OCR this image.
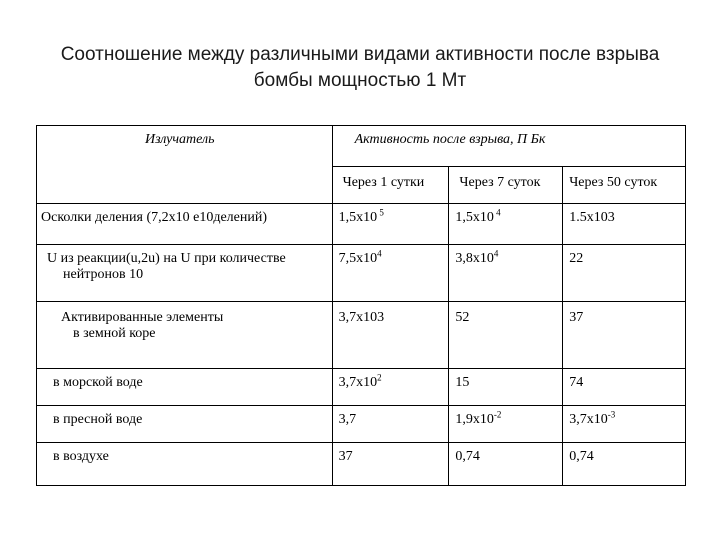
Соотношение между различными видами активности после взрыва
бомбы мощностью 1 Мт
Излучатель	Активность после взрыва, П Бк		
	Через 1 сутки	Через 7 суток	Через 50 суток

Осколки деления (7,2х10 е10делений)	1,5х10 $^5$	1,5х10 $^4$	1.5х103

U из реакции(u,2u) на U при количестве
нейтронов 10	$7,5х10^4$	$3,8х10^4$	22

Активированные элементы
в земной коре	3,7х103	52	37

в морской воде	$3,7х10^2$	15	74

в пресной воде	3,7	$1,9х10^{-2}$	$3,7х10^{-3}$

в воздухе	37	0,74	0,74
